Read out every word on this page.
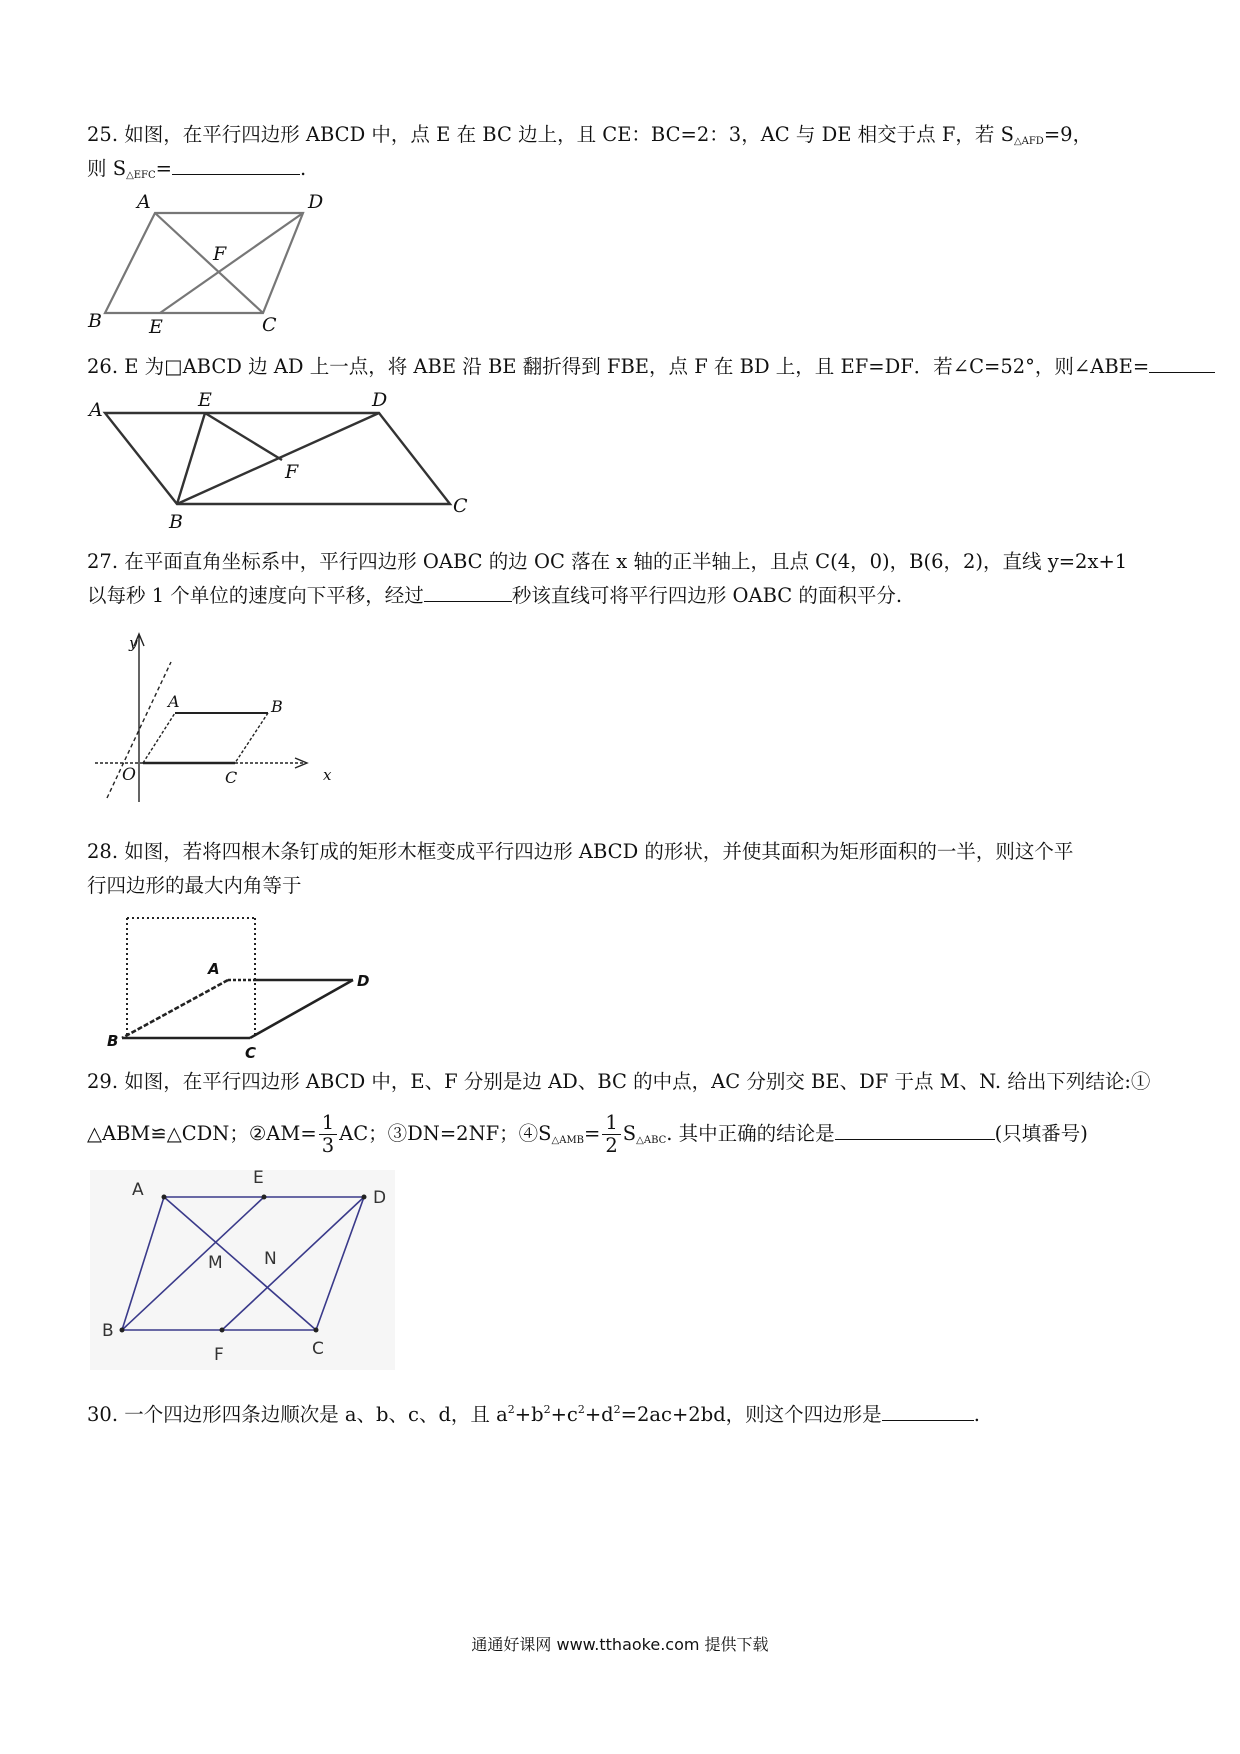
25. 如图，在平行四边形 ABCD 中，点 E 在 BC 边上，且 CE：BC=2：3，AC 与 DE 相交于点 F，若 $S_{\triangle AFD}=9$，
则 $S_{\triangle EFC}=$	.
A	D
F
B E	C
26. E 为□ABCD 边 AD 上一点，将 ABE 沿 BE 翻折得到 FBE，点 F 在 BD 上，且 EF=DF．若∠C=52°，则∠ABE=
A	E	D
F
B
C
27. 在平面直角坐标系中，平行四边形 OABC 的边 OC 落在 x 轴的正半轴上，且点 C(4，0)，B(6，2)，直线 y=2x+1
以每秒 1 个单位的速度向下平移，经过	秒该直线可将平行四边形 OABC 的面积平分.
y
A	B
O	C	x
28. 如图，若将四根木条钉成的矩形木框变成平行四边形 ABCD 的形状，并使其面积为矩形面积的一半，则这个平
行四边形的最大内角等于
A
D
B
C
29. 如图，在平行四边形 ABCD 中，E、F 分别是边 AD、BC 的中点，AC 分别交 BE、DF 于点 M、N. 给出下列结论:①
△ABM≌△CDN；②AM= $\frac{1}{3}$ AC；③DN=2NF；$④S_{\triangle AMB}= \frac{1}{2} S_{\triangle ABC}$. 其中正确的结论是	(只填番号)
A
E
D
M N
B
F	C
30. 一个四边形四条边顺次是 a、b、c、d，且 $a^2+b^2+c^2+d^2=2ac+2bd$，则这个四边形是	.
通通好课网 www.tthaoke.com 提供下载
